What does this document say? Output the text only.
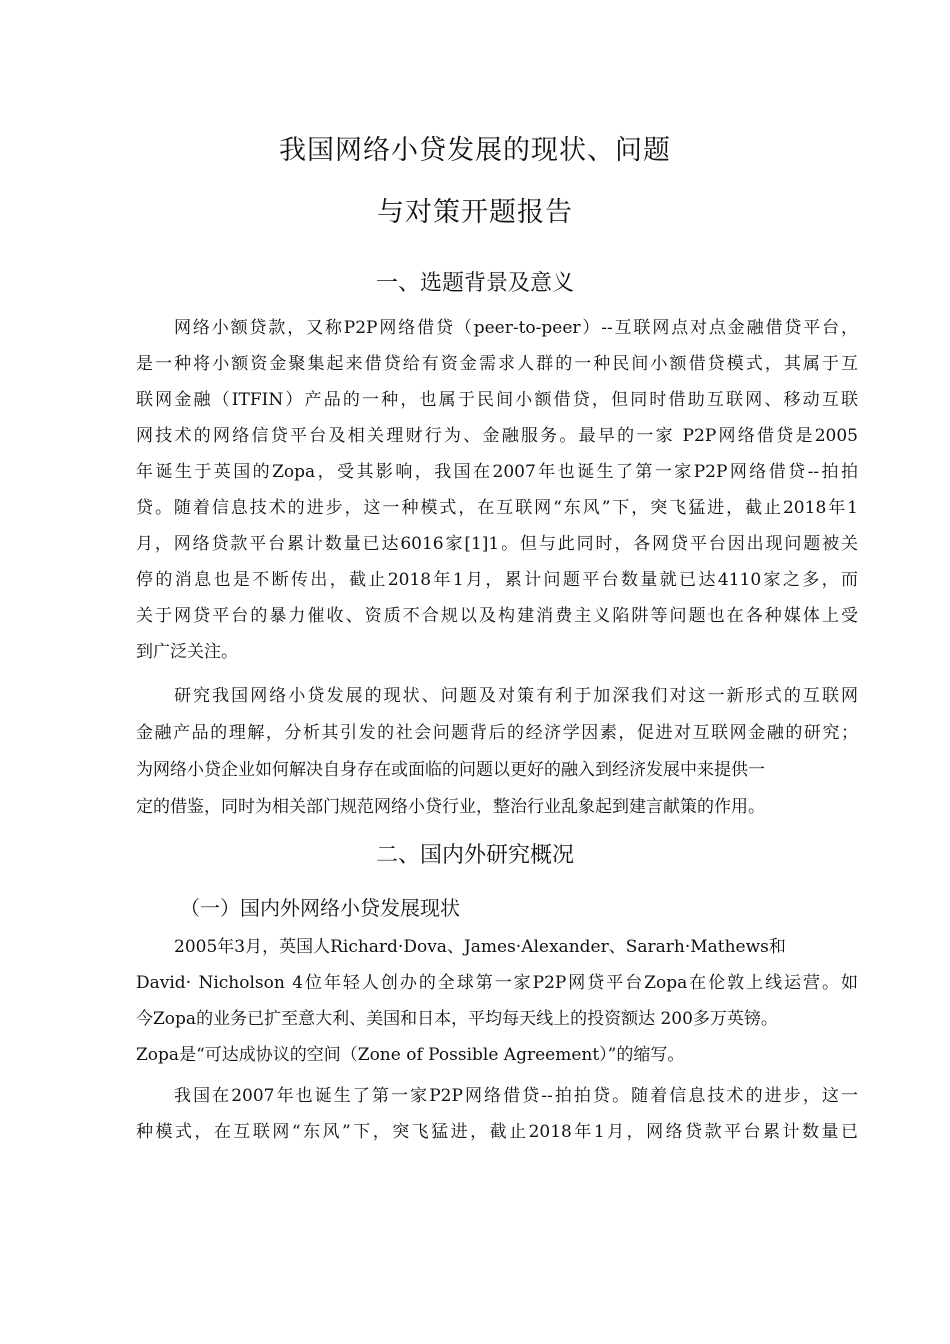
我国网络小贷发展的现状、问题
与对策开题报告
一、选题背景及意义
网络小额贷款，又称P2P网络借贷（peer-to-peer）--互联网点对点金融借贷平台，
是一种将小额资金聚集起来借贷给有资金需求人群的一种民间小额借贷模式，其属于互
联网金融（ITFIN）产品的一种，也属于民间小额借贷，但同时借助互联网、移动互联
网技术的网络信贷平台及相关理财行为、金融服务。最早的一家 P2P网络借贷是2005
年诞生于英国的Zopa，受其影响，我国在2007年也诞生了第一家P2P网络借贷--拍拍
贷。随着信息技术的进步，这一种模式，在互联网“东风”下，突飞猛进，截止2018年1
月，网络贷款平台累计数量已达6016家[1]1。但与此同时，各网贷平台因出现问题被关
停的消息也是不断传出，截止2018年1月，累计问题平台数量就已达4110家之多，而
关于网贷平台的暴力催收、资质不合规以及构建消费主义陷阱等问题也在各种媒体上受
到广泛关注。
研究我国网络小贷发展的现状、问题及对策有利于加深我们对这一新形式的互联网
金融产品的理解，分析其引发的社会问题背后的经济学因素，促进对互联网金融的研究；
为网络小贷企业如何解决自身存在或面临的问题以更好的融入到经济发展中来提供一
定的借鉴，同时为相关部门规范网络小贷行业，整治行业乱象起到建言献策的作用。
二、国内外研究概况
（一）国内外网络小贷发展现状
2005年3月，英国人Richard·Dova、James·Alexander、Sararh·Mathews和
David· Nicholson 4位年轻人创办的全球第一家P2P网贷平台Zopa在伦敦上线运营。如
今Zopa的业务已扩至意大利、美国和日本，平均每天线上的投资额达 200多万英镑。
Zopa是“可达成协议的空间（Zone of Possible Agreement）”的缩写。
我国在2007年也诞生了第一家P2P网络借贷--拍拍贷。随着信息技术的进步，这一
种模式，在互联网“东风”下，突飞猛进，截止2018年1月，网络贷款平台累计数量已
